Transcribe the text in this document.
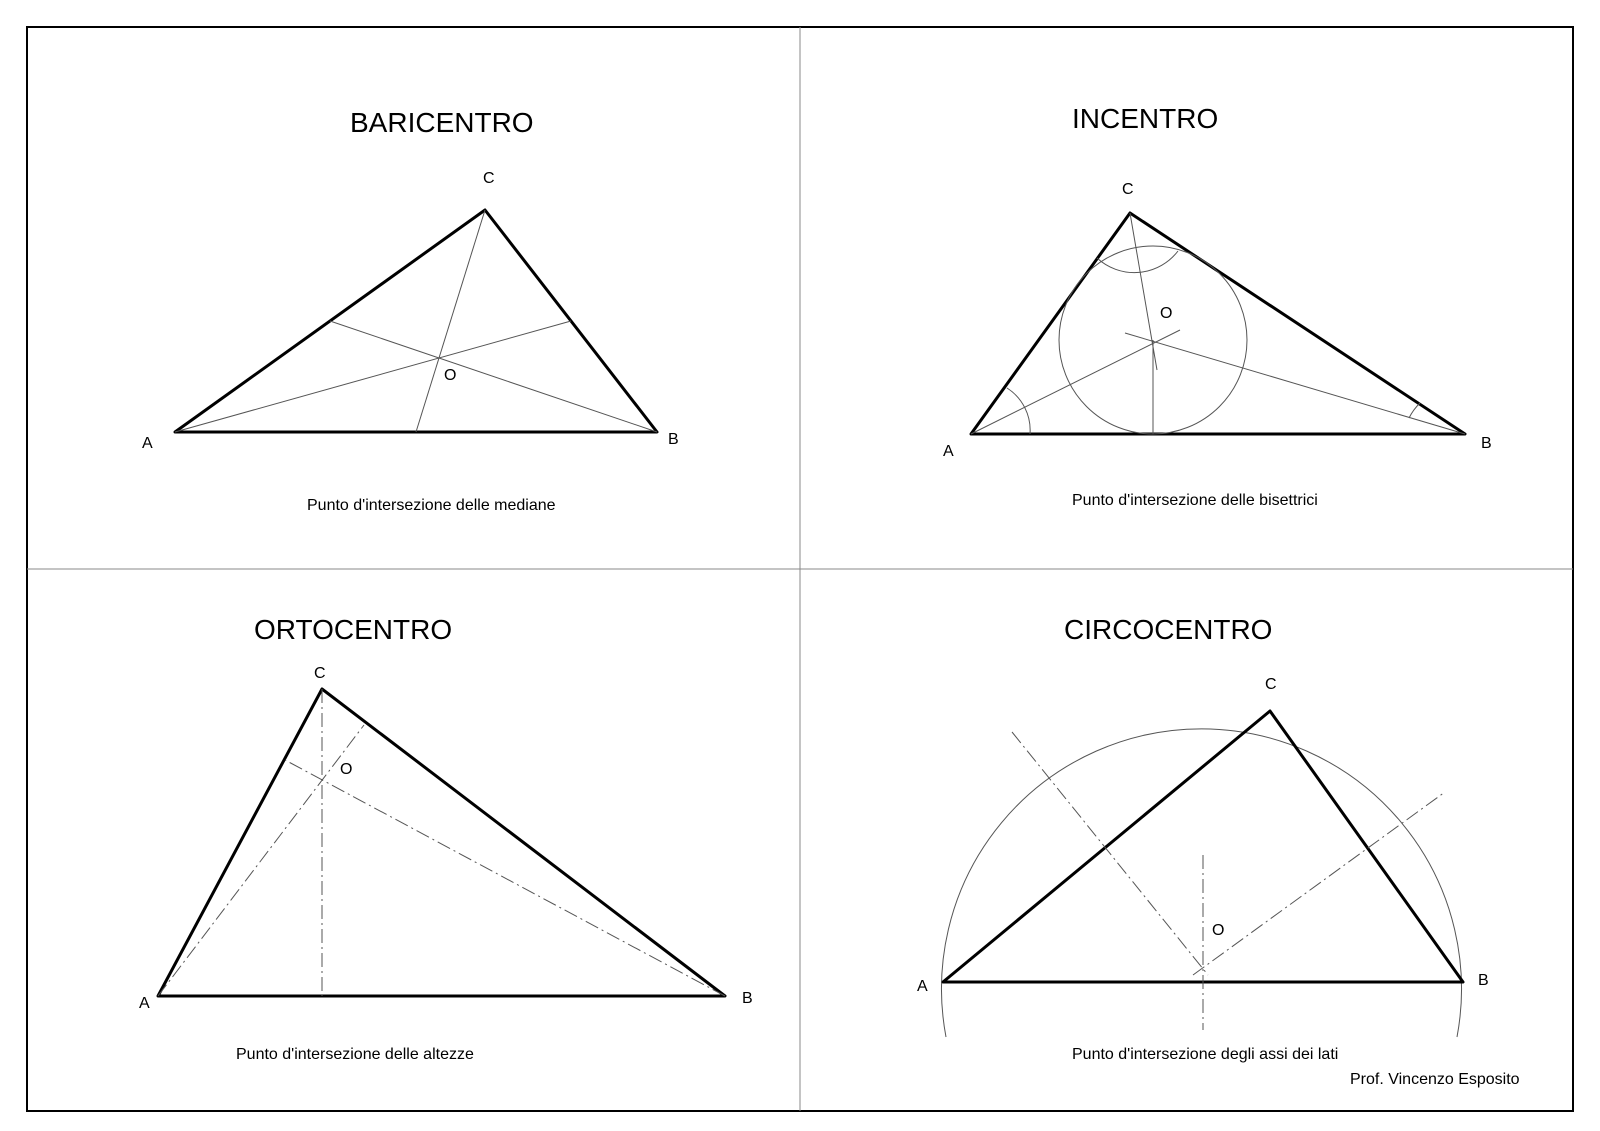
BARICENTRO
A	B
C
O
Punto d'intersezione delle mediane
INCENTRO
A	B
C
O
Punto d'intersezione delle bisettrici
ORTOCENTRO
A	B
C
O
Punto d'intersezione delle altezze
CIRCOCENTRO
A	B
C
O
Punto d'intersezione degli assi dei lati
Prof. Vincenzo Esposito
